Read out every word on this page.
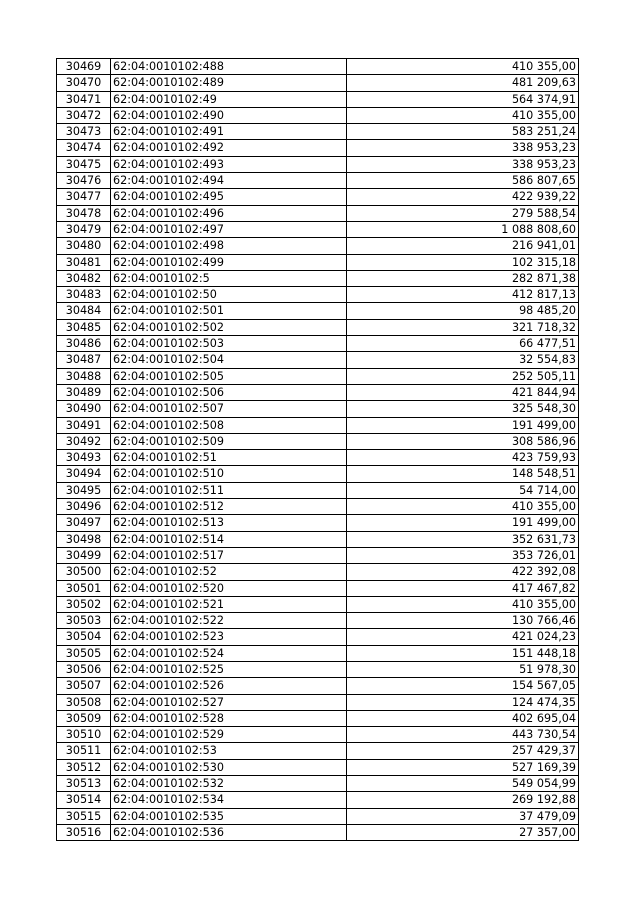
30469	62:04:0010102:488	410 355,00
30470	62:04:0010102:489	481 209,63
30471	62:04:0010102:49	564 374,91
30472	62:04:0010102:490	410 355,00
30473	62:04:0010102:491	583 251,24
30474	62:04:0010102:492	338 953,23
30475	62:04:0010102:493	338 953,23
30476	62:04:0010102:494	586 807,65
30477	62:04:0010102:495	422 939,22
30478	62:04:0010102:496	279 588,54
30479	62:04:0010102:497	1 088 808,60
30480	62:04:0010102:498	216 941,01
30481	62:04:0010102:499	102 315,18
30482	62:04:0010102:5	282 871,38
30483	62:04:0010102:50	412 817,13
30484	62:04:0010102:501	98 485,20
30485	62:04:0010102:502	321 718,32
30486	62:04:0010102:503	66 477,51
30487	62:04:0010102:504	32 554,83
30488	62:04:0010102:505	252 505,11
30489	62:04:0010102:506	421 844,94
30490	62:04:0010102:507	325 548,30
30491	62:04:0010102:508	191 499,00
30492	62:04:0010102:509	308 586,96
30493	62:04:0010102:51	423 759,93
30494	62:04:0010102:510	148 548,51
30495	62:04:0010102:511	54 714,00
30496	62:04:0010102:512	410 355,00
30497	62:04:0010102:513	191 499,00
30498	62:04:0010102:514	352 631,73
30499	62:04:0010102:517	353 726,01
30500	62:04:0010102:52	422 392,08
30501	62:04:0010102:520	417 467,82
30502	62:04:0010102:521	410 355,00
30503	62:04:0010102:522	130 766,46
30504	62:04:0010102:523	421 024,23
30505	62:04:0010102:524	151 448,18
30506	62:04:0010102:525	51 978,30
30507	62:04:0010102:526	154 567,05
30508	62:04:0010102:527	124 474,35
30509	62:04:0010102:528	402 695,04
30510	62:04:0010102:529	443 730,54
30511	62:04:0010102:53	257 429,37
30512	62:04:0010102:530	527 169,39
30513	62:04:0010102:532	549 054,99
30514	62:04:0010102:534	269 192,88
30515	62:04:0010102:535	37 479,09
30516	62:04:0010102:536	27 357,00
